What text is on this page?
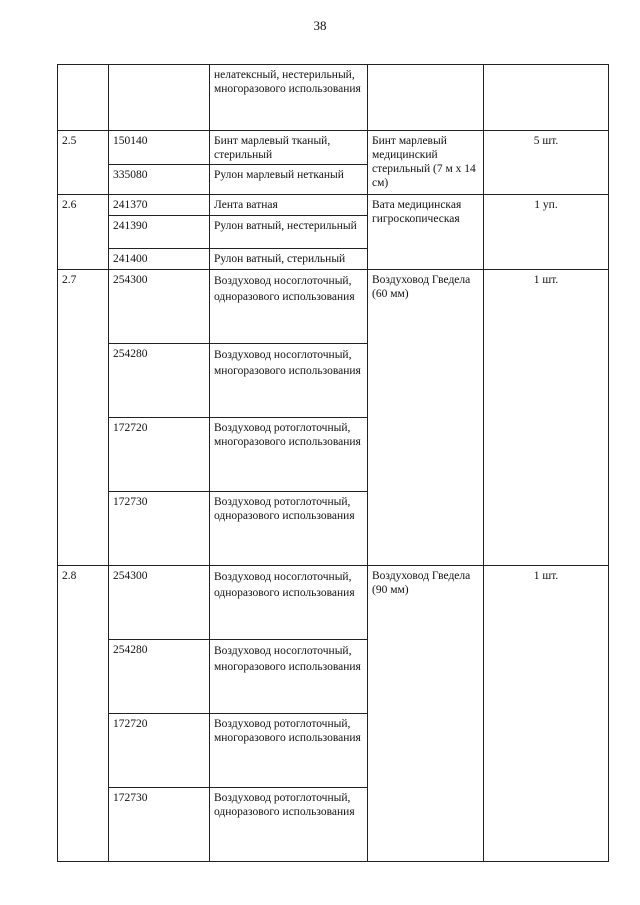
38
		нелатексный, нестерильный, многоразового использования		
2.5	150140	Бинт марлевый тканый, стерильный	Бинт марлевый медицинский стерильный (7 м х 14 см)	5 шт.
	335080	Рулон марлевый нетканый		
2.6	241370	Лента ватная	Вата медицинская гигроскопическая	1 уп.
	241390	Рулон ватный, нестерильный		
	241400	Рулон ватный, стерильный		
2.7	254300	Воздуховод носоглоточный, одноразового использования	Воздуховод Гведела (60 мм)	1 шт.
	254280	Воздуховод носоглоточный, многоразового использования		
	172720	Воздуховод ротоглоточный, многоразового использования		
	172730	Воздуховод ротоглоточный, одноразового использования		
2.8	254300	Воздуховод носоглоточный, одноразового использования	Воздуховод Гведела (90 мм)	1 шт.
	254280	Воздуховод носоглоточный, многоразового использования		
	172720	Воздуховод ротоглоточный, многоразового использования		
	172730	Воздуховод ротоглоточный, одноразового использования		
